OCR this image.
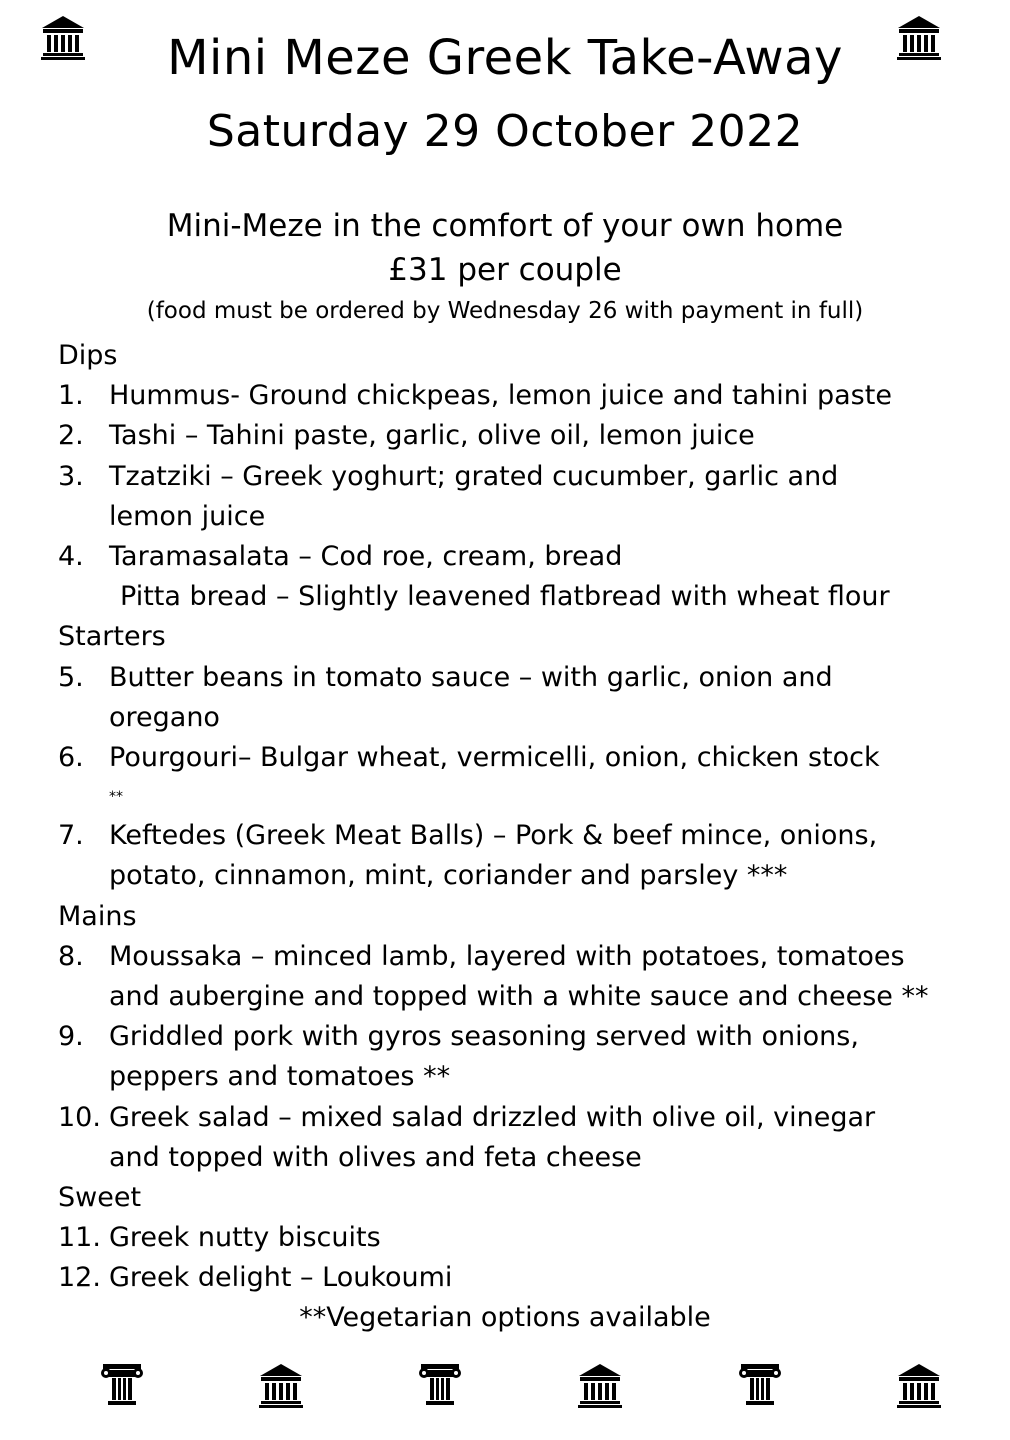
Mini Meze Greek Take-Away
Saturday 29 October 2022
Mini-Meze in the comfort of your own home
£31 per couple
(food must be ordered by Wednesday 26 with payment in full)
Dips
1. Hummus- Ground chickpeas, lemon juice and tahini paste
2. Tashi – Tahini paste, garlic, olive oil, lemon juice
3. Tzatziki – Greek yoghurt; grated cucumber, garlic and
lemon juice
4. Taramasalata – Cod roe, cream, bread
Pitta bread – Slightly leavened flatbread with wheat flour
Starters
5. Butter beans in tomato sauce – with garlic, onion and
oregano
6. Pourgouri– Bulgar wheat, vermicelli, onion, chicken stock
**
7. Keftedes (Greek Meat Balls) – Pork & beef mince, onions,
potato, cinnamon, mint, coriander and parsley ***
Mains
8. Moussaka – minced lamb, layered with potatoes, tomatoes
and aubergine and topped with a white sauce and cheese **
9. Griddled pork with gyros seasoning served with onions,
peppers and tomatoes **
10. Greek salad – mixed salad drizzled with olive oil, vinegar
and topped with olives and feta cheese
Sweet
11. Greek nutty biscuits
12. Greek delight – Loukoumi
**Vegetarian options available
